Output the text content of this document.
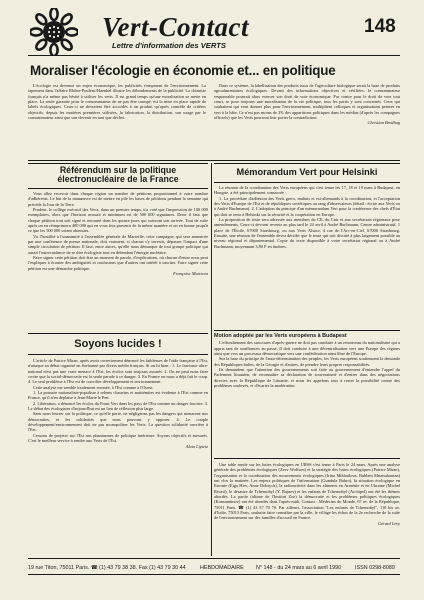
Vert-Contact
Lettre d'information des VERTS
148
Moraliser l'écologie en économie et... en politique

L'écologie est devenue un enjeu économique, les publicités s'emparent de l'environnement. La tapement dans l'affaire Rhône-Poulenc/Haenkel illustre les débordements de la publicité. La chimiste français n'a même pas hésité à utiliser les verts. Il est grand temps qu'une moralisation se mette en place. La seule garantie pour le consommateur de ne pas être trompé, est la mise en place rapide de labels écologiques. Ceux-ci ne devraient être accordés à un produit qu'après contrôle de critères objectifs, depuis les matières premières utilisées, la fabrication, la distribution, son usage par le consommateur ainsi que son devenir en tant que déchet.

Dans ce système, la labellisation des produits issus de l'agriculture biologique serait la base de produits agroalimentaires écologiques. Devant des informations objectives et vérifiées, le consommateur responsable pourrait alors exercer son droit de vote économique. Par contre pour le droit de vote tout court, se pose toujours une moralisation de la vie politique, tous les partis y sont concernés. Ceux qui souhaitent qui veut donner plus pour l'environnement, multiplient colloques et organisations peintes en vert à la hâte. Ce n'est pas moins de 2% des apparitions politiques dans les médias (d'après les compagnes officiels) que les Verts pourront leur porter la contradiction.

Christian Brodhag
Référendum sur la politique
électronucléaire de la France

Vous allez recevoir dans chaque région un nombre de pétitions proportionnel à votre nombre d'adhérents. Le but de la manœuvre est de mettre en pile les bases de pétitions pendant la semaine qui précède la Jour de la Terre.

Prudent, le collège exécutif des Verts, dans un premier temps, n'a voté que l'impression de 100 000 exemplaires, alors que l'horizon avouait et minimum est de 500 000 signatures. Donc il faut que chaque pétition tout soit signé et retourné dans les quinze jours qui suivront son arrivée. Tout de suite après on en réimprimera 400 000 qui en vous fera parvenir de la même manière et on en bonne jusqu'à ce que les 500 000 soient obtenues.

Vu l'hostilité à l'unanimité à l'assemblée générale de Marseille, cette campagne, qui sera annoncée par une conférence de presse nationale, doit vraiment, si chacun s'y investit, dépasser l'impact d'une simple circulation de pétition. Il faut, entre autres, qu'elle nous démarque de tout groupe politique qui aurait l'outrecuidance de se dire écologiste tout en défendant l'énergie nucléaire.

Faire signer cette pétition doit être un moment de parole, d'explications, où chacun d'entre nous peut l'expliquer à écouter des ambiguïtés et confusions que d'autres ont intérêt à susciter. Faire signer cette pétition est une démarche politique.

Françoise Matricon
Soyons lucides !

L'article de Patrice Miran, après avoir correctement dénoncé les faiblesses de l'aide française à l'Est, n'attaque au débat organisé en Sorbonne par divers média français. Si on lit bien : 1. Le fascisme ultra-national n'est pas une vraie menace à l'Est, les écolos sont toujours assurés. 2. On ne peut nous faire croire que la social-démocratie est la seule parade à ce danger. 3. En France on nous a déjà fait le coup. 4. Le seul problème à l'Est est de concilier développement et environnement.

Cette analyse me semble totalement erronée, à l'Est comme à l'Ouest.

1. La poussée nationaliste-populiste à relents chauvins et antisémites est évidente à l'Est comme en France, qu'il n'en déplaise à Jean-Marie le Pen.

2. Libération, a dénoncé les écolos du Front Vert dans les pays de l'Est comme un danger fasciste. 3. Le débat des écologistes d'aujourd'hui est un lieu de réflexion plus large.

Sans nous leurrer sur la politique, ce qu'elle porte, ne négligeons pas les dangers qui menacent nos démocraties, et les solidarités que nous pouvons y opposer. 4. Le couple développement/environnement doit ne pas monopoliser les Verts. La question solidarité ouvrière à l'Est.

Cessons de projeter sur l'Est nos phantasmes de politique intérieure. Soyons objectifs et mesurés. C'est le meilleur service à rendre aux Verts de l'Est.

Alain Lipietz
Mémorandum Vert pour Helsinki

La réunion de la coordination des Verts européens qui s'est tenue les 17, 18 et 19 mars à Budapest, en Hongrie, a été principalement consacrée :

1. La procédure d'adhésion des Verts grecs, maltais et est-allemands à la coordination, et l'acceptation des Verts d'Europe de l'Est et de républiques soviétiques au rang d'observateurs (détail : écrire aux Verts ou à André Buchmann). 2. L'adoption du principe d'un mémorandum Vert pour la conférence des chefs d'État qui doit se tenir à Helsinki sur la sécurité et la coopération en Europe.

La proposition de texte sera adressée aux membres du CE, du Cnir et aux secrétariats régionaux pour amendements. Ceux-ci devront revenir au plus tard le 24 avril à André Buchmann, Centre administratif, 1 place de l'Étoile, 67000 Strasbourg, ou aux Verts Alsace, 4 rue de l'Arc-en-Ciel, 67000 Strasbourg. Ensuite, une réunion de l'ensemble devra décider que le texte qui soit discuté à plus largement possible au niveau régional et départemental. Copie du texte disponible à votre secrétariat régional ou à André Buchmann, moyennant 3,80 F en timbres.

Motion adoptée par les Verts européens à Budapest

L'effondrement des structures d'après-guerre ne doit pas conduire à un renouveau du nationalisme qui a appris tant de souffrances au passé. Il doit conduire à une décentralisation vers une Europe des régions ainsi que vers un processus démocratique vers une confédération ainsi libre de l'Europe.

Sur la base du principe de l'auto-détermination des peuples, les Verts européens soutiennent la demande des Républiques baltes, de la Géorgie et d'autres, de prendre leurs propres responsabilités.

Ils demandent que l'attention des gouvernements soit faite au gouvernement d'entendre l'appel du Parlement lituanien, de reconnaître sa déclaration de souveraineté et d'entrer dans des négociations directes avec la République de Lituanie, et nous les appelons tous à rester la possibilité contre des problèmes soulevés, et d'écarter la modération.

Une table ronde sur les luttes écologiques en URSS s'est tenue à Paris le 24 mars. Après une analyse générale des problèmes écologiques (Zeev Wolfson) et la stratégie des luttes écologiques (Patrice Miran), l'organisation et la coordination des mouvements écologiques (Irina Mikhailova, Rubben Mnatsakanian) ont clos la matinée. Les enjeux politiques de l'information (Gundula Bahro), la situation écologique en Estonie (Eiga Hirv, Anne Dobrych), la radioactivité dans les aliments en Arménie et en Ukraine (Michel Rivasi), le désastre de Tchernobyl (Y. Rajnev) et les enfants de Tchernobyl (Archipel) ont été les thèmes abordés. La partie (ultime de l'Institut Zoe) la démocratie et les problèmes politiques écologiques (Konstantinov) ont été abordés dans l'après-midi. Contact : Médecins du Monde, 67 av. de la République, 75011 Paris. ☎ (1) 43 57 70 70. Par ailleurs, l'association "Les enfants de Tchernobyl", 110 bis av. d'Italie, 75013 Paris, souhaite faire connaître par la ville, le village les échos de la 2e recherche de la suite de l'environnement sur des familles d'accueil en France.

Gérard Lévy
19 rue Titon, 75011 Paris. ☎ (1) 43 79 38 38. Fax (1) 43 79 30 44	HEBDOMADAIRE N° 148 - du 24 mars au 6 avril 1990	ISSN 0298-8089
